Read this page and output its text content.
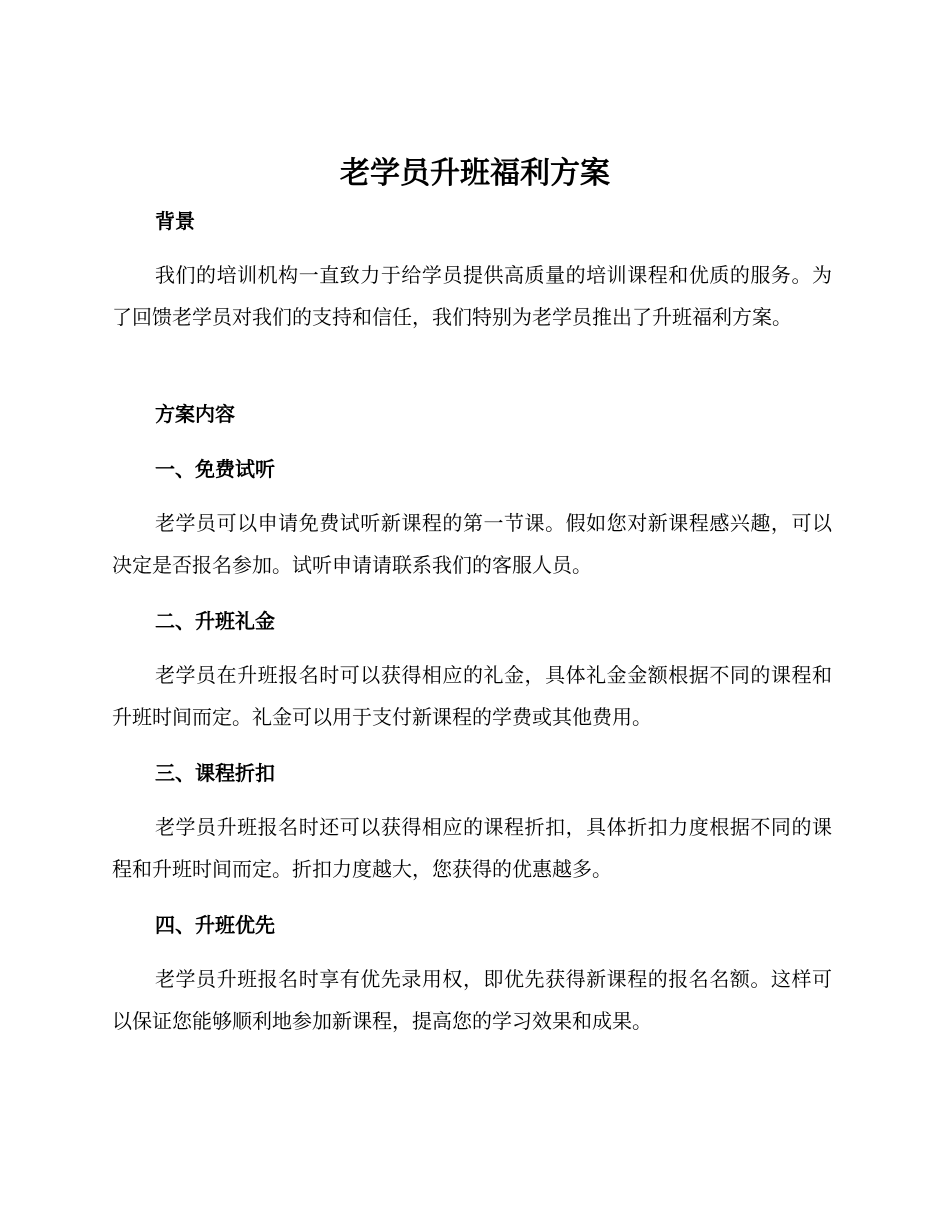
老学员升班福利方案
背景

我们的培训机构一直致力于给学员提供高质量的培训课程和优质的服务。为了回馈老学员对我们的支持和信任，我们特别为老学员推出了升班福利方案。

方案内容
一、免费试听

老学员可以申请免费试听新课程的第一节课。假如您对新课程感兴趣，可以决定是否报名参加。试听申请请联系我们的客服人员。

二、升班礼金

老学员在升班报名时可以获得相应的礼金，具体礼金金额根据不同的课程和升班时间而定。礼金可以用于支付新课程的学费或其他费用。

三、课程折扣

老学员升班报名时还可以获得相应的课程折扣，具体折扣力度根据不同的课程和升班时间而定。折扣力度越大，您获得的优惠越多。

四、升班优先

老学员升班报名时享有优先录用权，即优先获得新课程的报名名额。这样可以保证您能够顺利地参加新课程，提高您的学习效果和成果。
